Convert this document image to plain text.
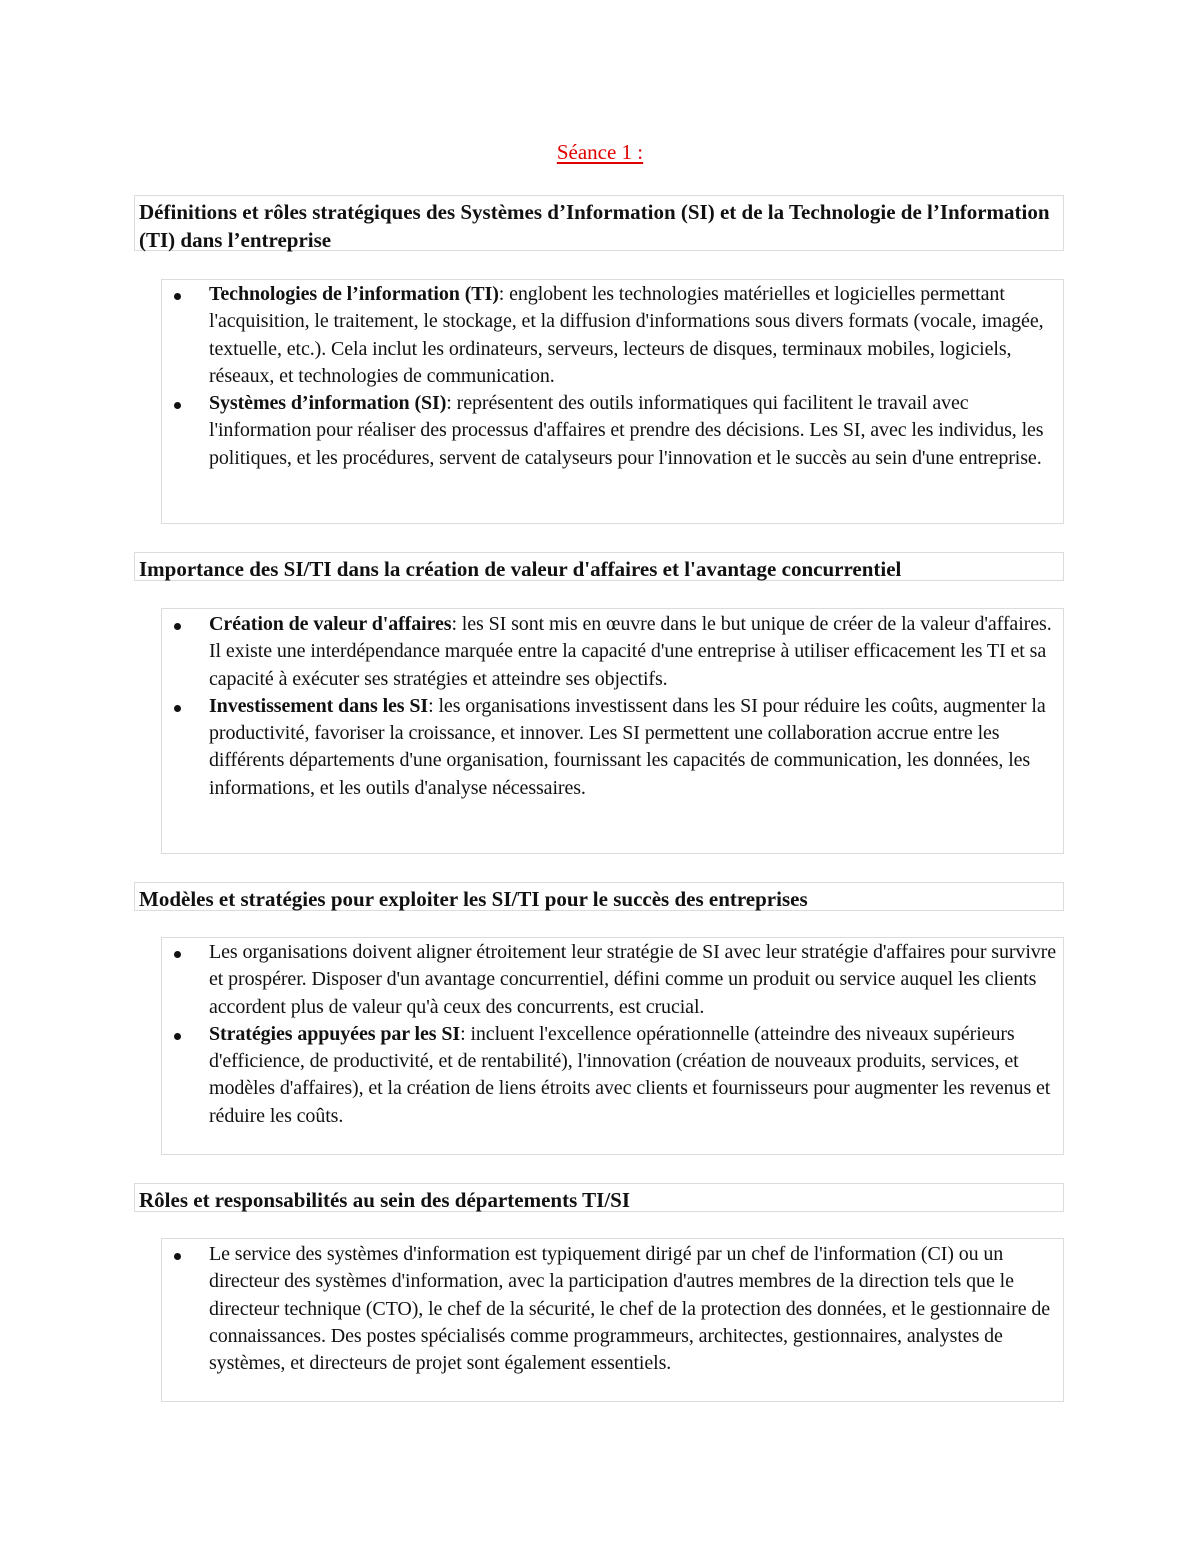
Séance 1 :
Définitions et rôles stratégiques des Systèmes d’Information (SI) et de la Technologie de l’Information (TI) dans l’entreprise
Technologies de l’information (TI): englobent les technologies matérielles et logicielles permettant l'acquisition, le traitement, le stockage, et la diffusion d'informations sous divers formats (vocale, imagée, textuelle, etc.). Cela inclut les ordinateurs, serveurs, lecteurs de disques, terminaux mobiles, logiciels, réseaux, et technologies de communication.
Systèmes d’information (SI): représentent des outils informatiques qui facilitent le travail avec l'information pour réaliser des processus d'affaires et prendre des décisions. Les SI, avec les individus, les politiques, et les procédures, servent de catalyseurs pour l'innovation et le succès au sein d'une entreprise.
Importance des SI/TI dans la création de valeur d'affaires et l'avantage concurrentiel
Création de valeur d'affaires: les SI sont mis en œuvre dans le but unique de créer de la valeur d'affaires. Il existe une interdépendance marquée entre la capacité d'une entreprise à utiliser efficacement les TI et sa capacité à exécuter ses stratégies et atteindre ses objectifs.
Investissement dans les SI: les organisations investissent dans les SI pour réduire les coûts, augmenter la productivité, favoriser la croissance, et innover. Les SI permettent une collaboration accrue entre les différents départements d'une organisation, fournissant les capacités de communication, les données, les informations, et les outils d'analyse nécessaires.
Modèles et stratégies pour exploiter les SI/TI pour le succès des entreprises
Les organisations doivent aligner étroitement leur stratégie de SI avec leur stratégie d'affaires pour survivre et prospérer. Disposer d'un avantage concurrentiel, défini comme un produit ou service auquel les clients accordent plus de valeur qu'à ceux des concurrents, est crucial.
Stratégies appuyées par les SI: incluent l'excellence opérationnelle (atteindre des niveaux supérieurs d'efficience, de productivité, et de rentabilité), l'innovation (création de nouveaux produits, services, et modèles d'affaires), et la création de liens étroits avec clients et fournisseurs pour augmenter les revenus et réduire les coûts.
Rôles et responsabilités au sein des départements TI/SI
Le service des systèmes d'information est typiquement dirigé par un chef de l'information (CI) ou un directeur des systèmes d'information, avec la participation d'autres membres de la direction tels que le directeur technique (CTO), le chef de la sécurité, le chef de la protection des données, et le gestionnaire de connaissances. Des postes spécialisés comme programmeurs, architectes, gestionnaires, analystes de systèmes, et directeurs de projet sont également essentiels.
